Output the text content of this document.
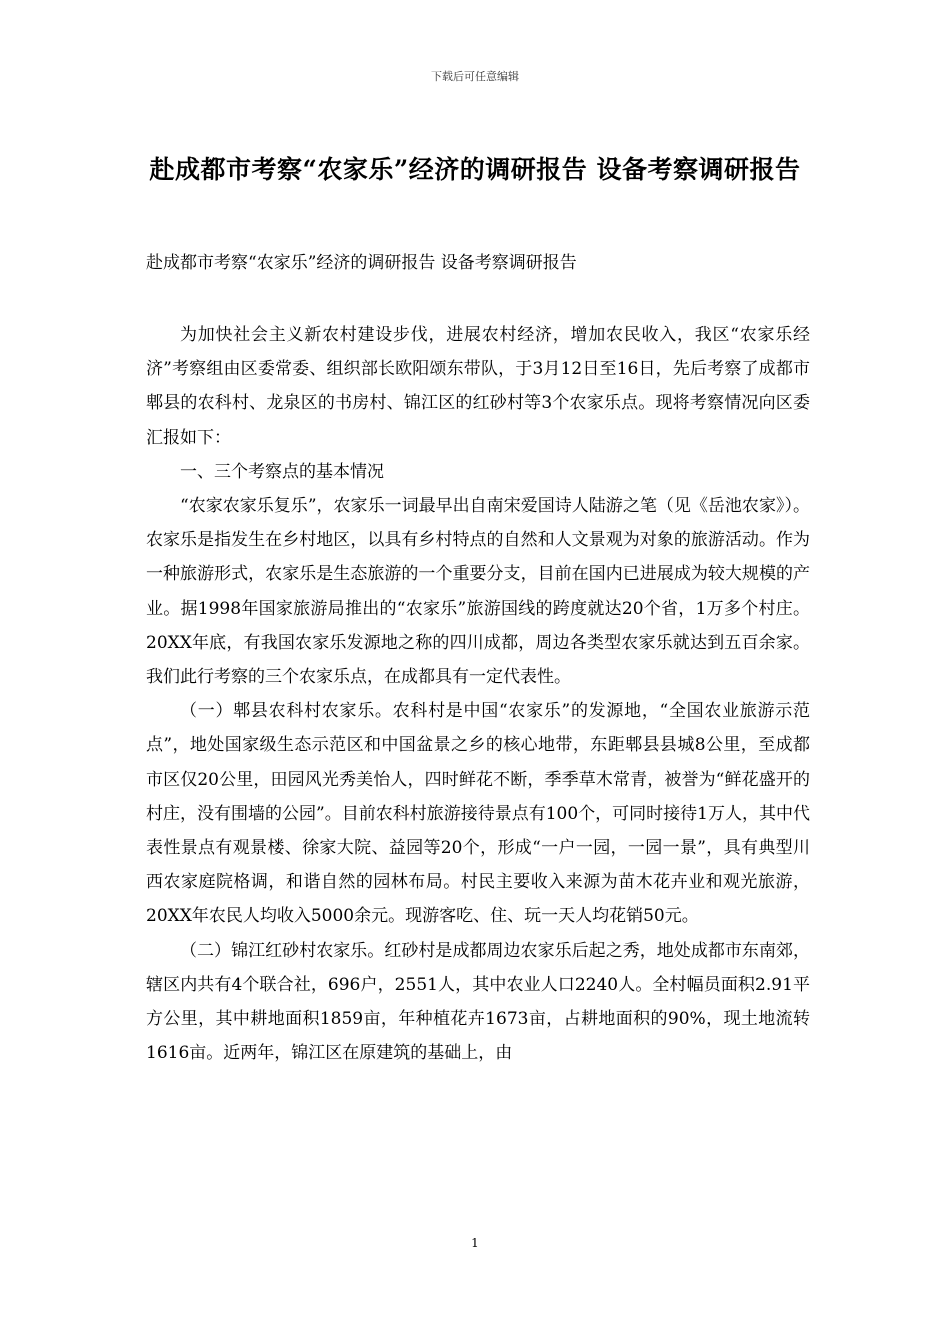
下载后可任意编辑
赴成都市考察“农家乐”经济的调研报告 设备考察调研报告
赴成都市考察“农家乐”经济的调研报告 设备考察调研报告

为加快社会主义新农村建设步伐，进展农村经济，增加农民收入，我区“农家乐经济”考察组由区委常委、组织部长欧阳颂东带队，于3月12日至16日，先后考察了成都市郫县的农科村、龙泉区的书房村、锦江区的红砂村等3个农家乐点。现将考察情况向区委汇报如下：

一、三个考察点的基本情况

“农家农家乐复乐”，农家乐一词最早出自南宋爱国诗人陆游之笔（见《岳池农家》）。农家乐是指发生在乡村地区，以具有乡村特点的自然和人文景观为对象的旅游活动。作为一种旅游形式，农家乐是生态旅游的一个重要分支，目前在国内已进展成为较大规模的产业。据1998年国家旅游局推出的“农家乐”旅游国线的跨度就达20个省，1万多个村庄。20XX年底，有我国农家乐发源地之称的四川成都，周边各类型农家乐就达到五百余家。我们此行考察的三个农家乐点，在成都具有一定代表性。

（一）郫县农科村农家乐。农科村是中国“农家乐”的发源地，“全国农业旅游示范点”，地处国家级生态示范区和中国盆景之乡的核心地带，东距郫县县城8公里，至成都市区仅20公里，田园风光秀美怡人，四时鲜花不断，季季草木常青，被誉为“鲜花盛开的村庄，没有围墙的公园”。目前农科村旅游接待景点有100个，可同时接待1万人，其中代表性景点有观景楼、徐家大院、益园等20个，形成“一户一园，一园一景”，具有典型川西农家庭院格调，和谐自然的园林布局。村民主要收入来源为苗木花卉业和观光旅游，20XX年农民人均收入5000余元。现游客吃、住、玩一天人均花销50元。

（二）锦江红砂村农家乐。红砂村是成都周边农家乐后起之秀，地处成都市东南郊，辖区内共有4个联合社，696户，2551人，其中农业人口2240人。全村幅员面积2.91平方公里，其中耕地面积1859亩，年种植花卉1673亩，占耕地面积的90%，现土地流转1616亩。近两年，锦江区在原建筑的基础上，由

1
